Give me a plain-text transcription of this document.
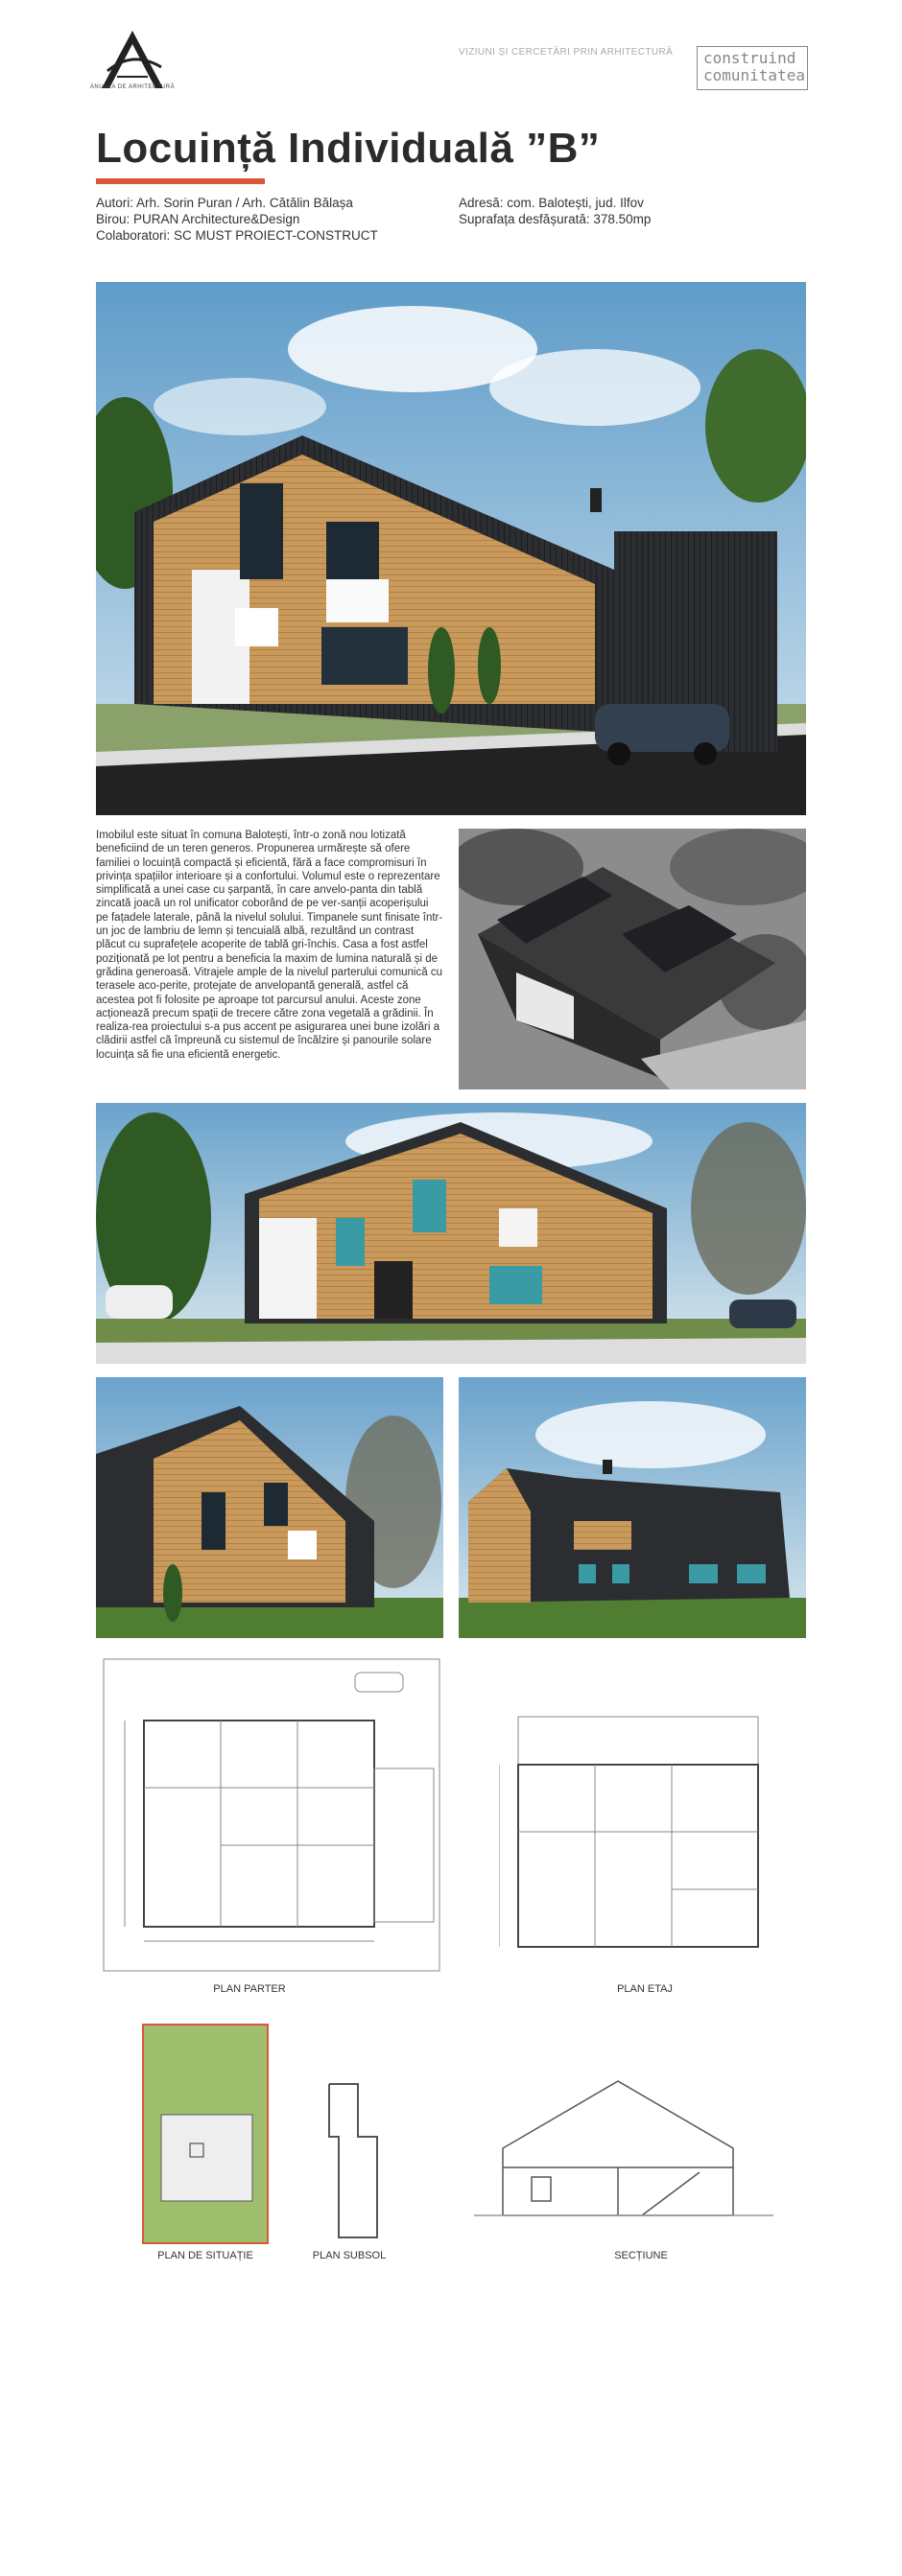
ANUALA DE ARHITECTURĂ
VIZIUNI ȘI CERCETĂRI PRIN ARHITECTURĂ construind
comunitatea
Locuință Individuală ”B”
Autori: Arh. Sorin Puran / Arh. Cătălin Bălașa
Birou: PURAN Architecture&Design
Colaboratori: SC MUST PROIECT-CONSTRUCT
Adresă: com. Balotești, jud. Ilfov
Suprafața desfășurată: 378.50mp
Imobilul este situat în comuna Balotești, într-o zonă nou lotizată beneficiind de un teren generos. Propunerea urmărește să ofere familiei o locuință compactă și eficientă, fără a face compromisuri în privința spațiilor interioare și a confortului. Volumul este o reprezentare simplificată a unei case cu șarpantă, în care anvelo-panta din tablă zincată joacă un rol unificator coborând de pe ver-sanții acoperișului pe fațadele laterale, până la nivelul solului. Timpanele sunt finisate într-un joc de lambriu de lemn și tencuială albă, rezultând un contrast plăcut cu suprafețele acoperite de tablă gri-închis. Casa a fost astfel poziționată pe lot pentru a beneficia la maxim de lumina naturală și de grădina generoasă. Vitrajele ample de la nivelul parterului comunică cu terasele aco-perite, protejate de anvelopantă generală, astfel că acestea pot fi folosite pe aproape tot parcursul anului. Aceste zone acționează precum spații de trecere către zona vegetală a grădinii. În realiza-rea proiectului s-a pus accent pe asigurarea unei bune izolări a clădirii astfel că împreună cu sistemul de încălzire și panourile solare locuința să fie una eficientă energetic.
PLAN PARTER	PLAN ETAJ
PLAN DE SITUAȚIE	PLAN SUBSOL	SECȚIUNE
